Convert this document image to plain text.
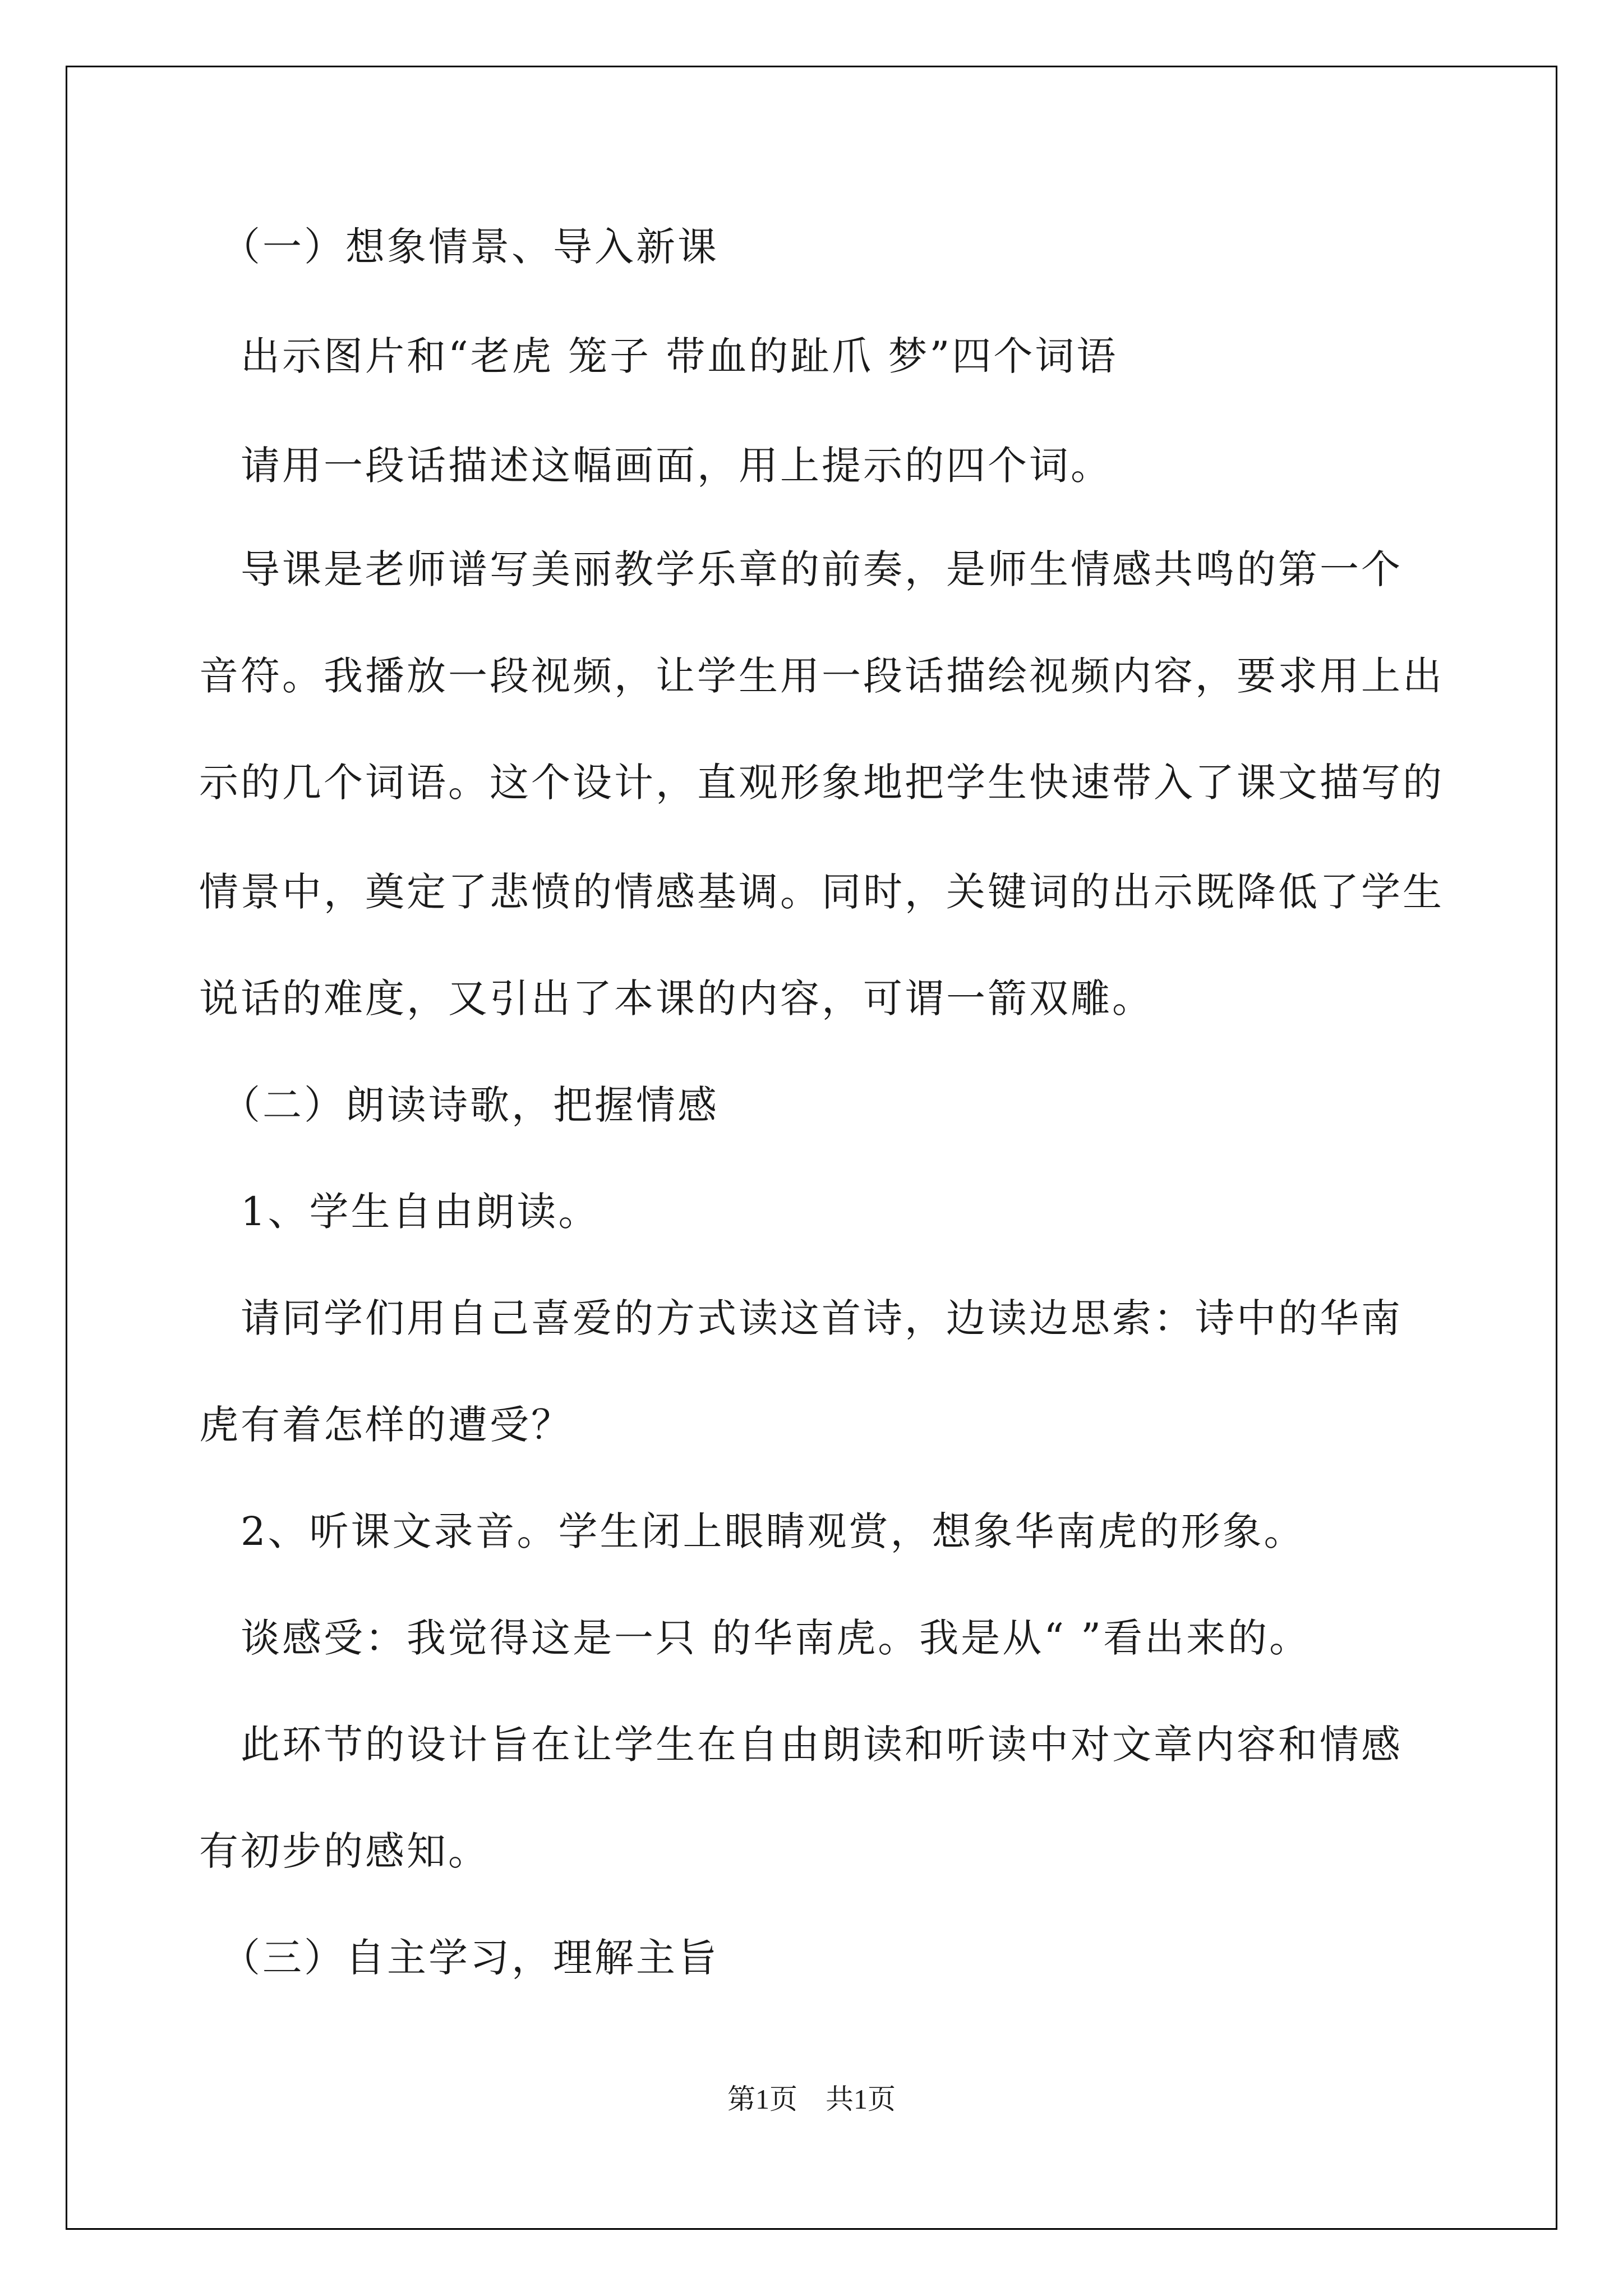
　（一）想象情景、导入新课
　出示图片和“老虎 笼子 带血的趾爪 梦”四个词语
　请用一段话描述这幅画面，用上提示的四个词。
　导课是老师谱写美丽教学乐章的前奏，是师生情感共鸣的第一个
音符。我播放一段视频，让学生用一段话描绘视频内容，要求用上出
示的几个词语。这个设计，直观形象地把学生快速带入了课文描写的
情景中，奠定了悲愤的情感基调。同时，关键词的出示既降低了学生
说话的难度，又引出了本课的内容，可谓一箭双雕。
　（二）朗读诗歌，把握情感
　1、学生自由朗读。
　请同学们用自己喜爱的方式读这首诗，边读边思索：诗中的华南
虎有着怎样的遭受？
　2、听课文录音。学生闭上眼睛观赏，想象华南虎的形象。
　谈感受：我觉得这是一只 的华南虎。我是从“ ”看出来的。
　此环节的设计旨在让学生在自由朗读和听读中对文章内容和情感
有初步的感知。
　（三）自主学习，理解主旨
第1页　共1页
